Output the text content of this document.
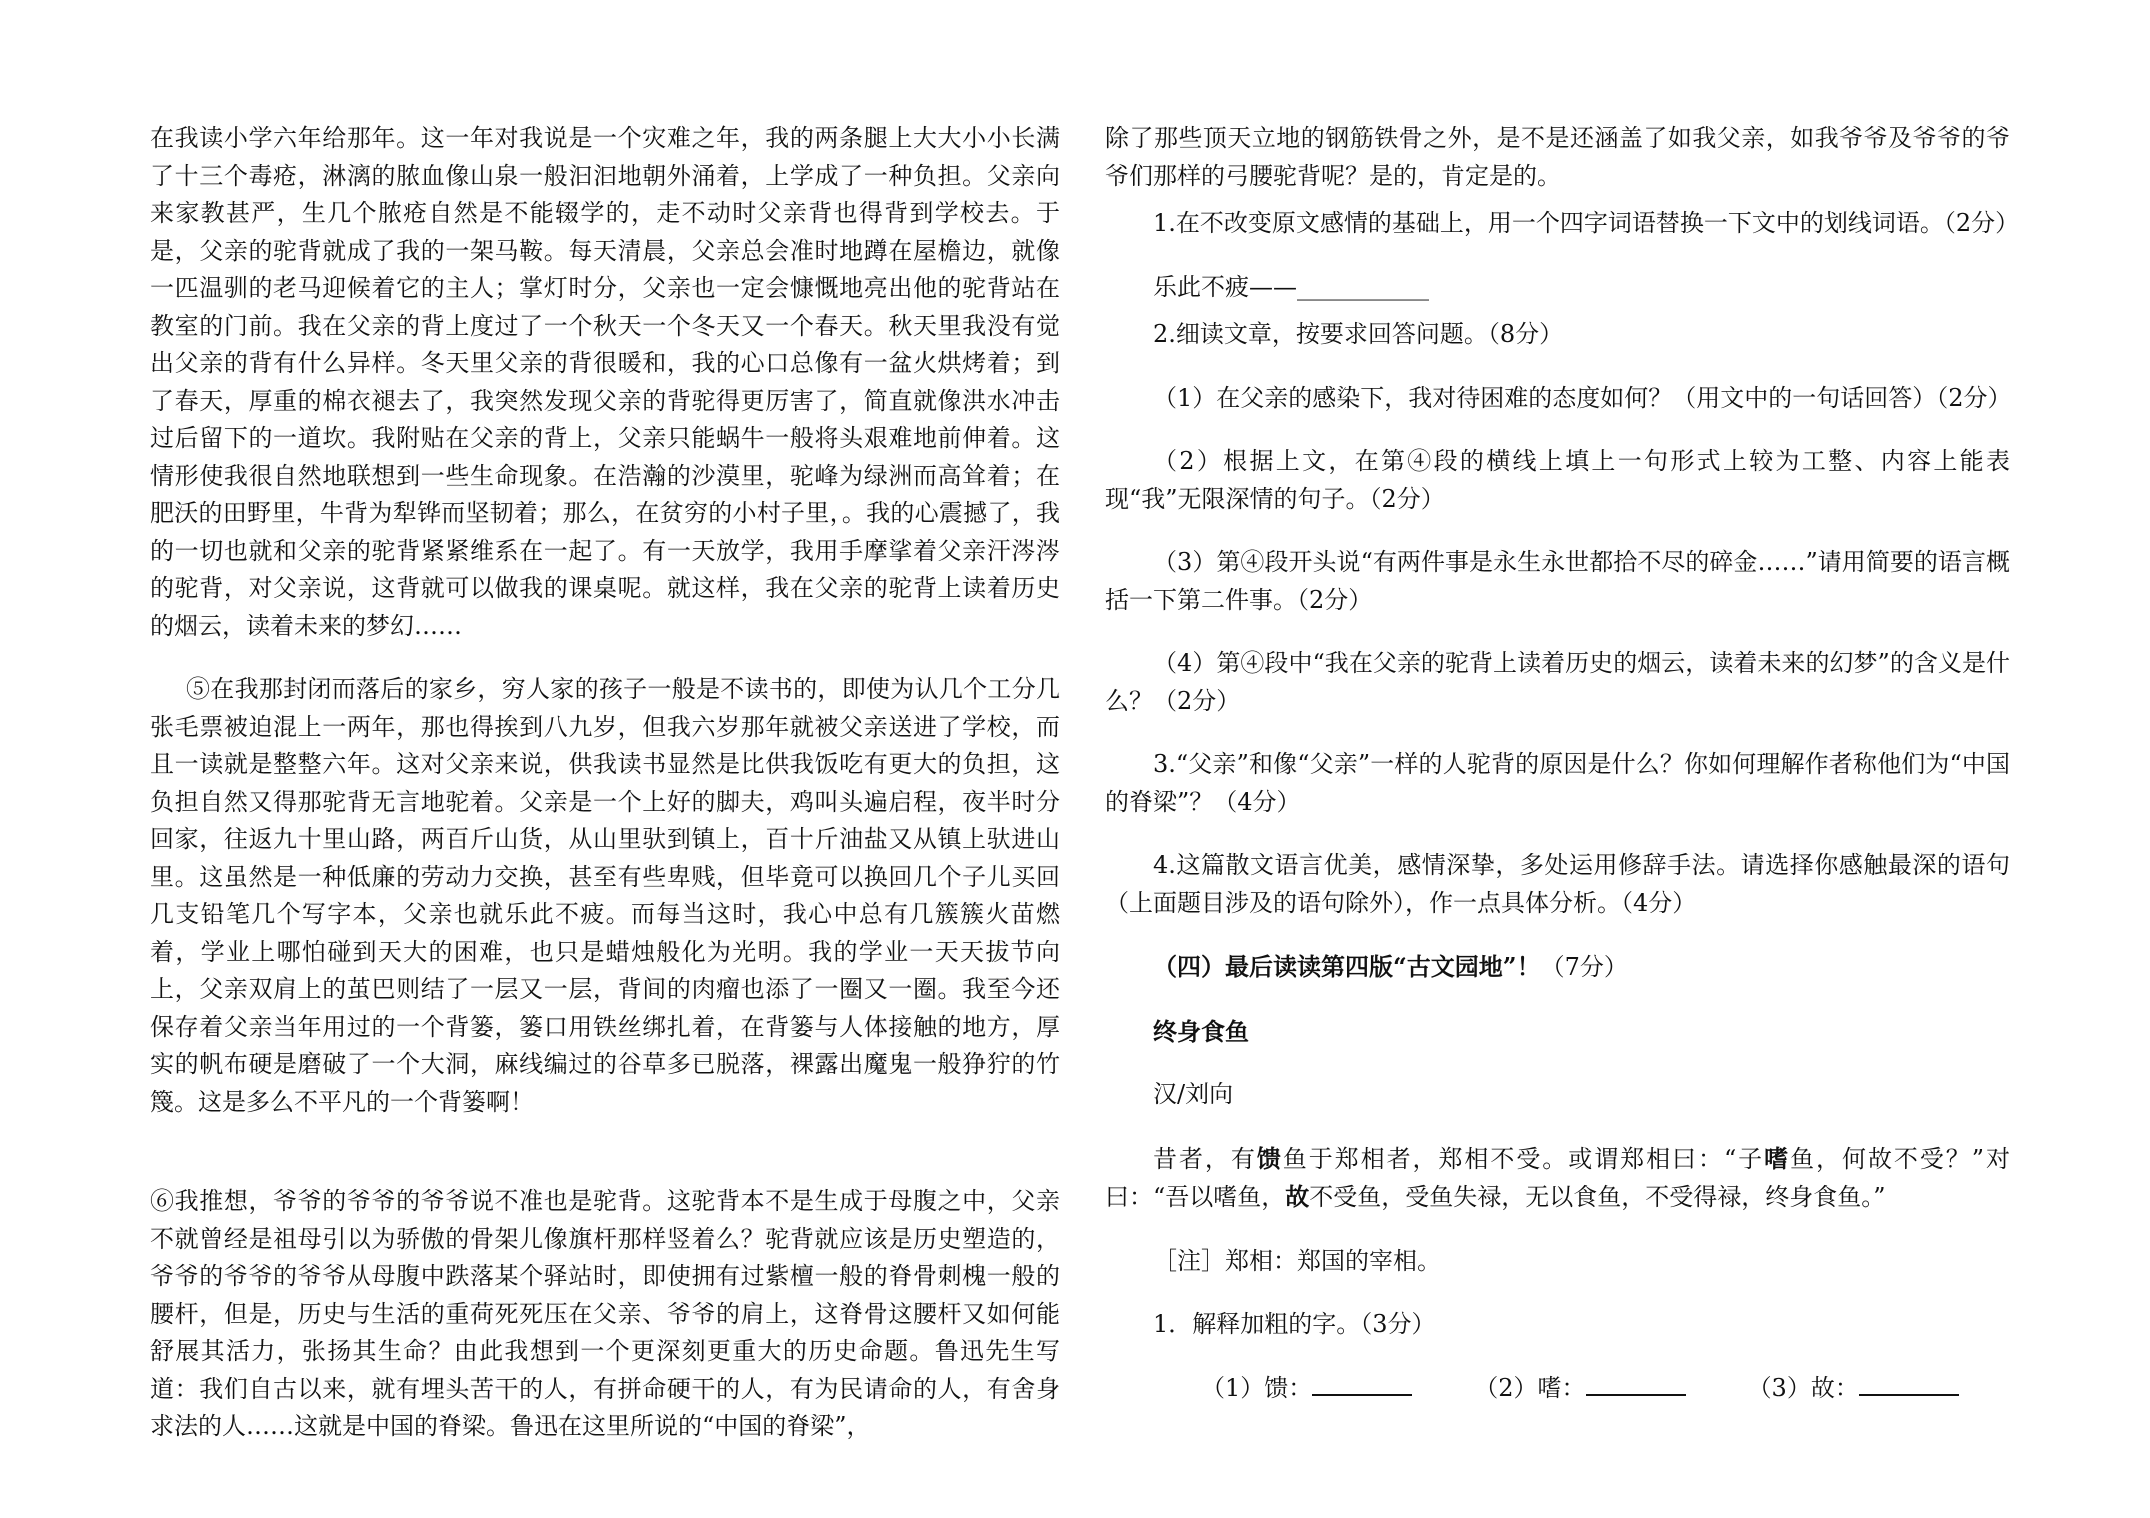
在我读小学六年给那年。这一年对我说是一个灾难之年，我的两条腿上大大小小长满了十三个毒疮，淋漓的脓血像山泉一般汩汩地朝外涌着，上学成了一种负担。父亲向来家教甚严，生几个脓疮自然是不能辍学的，走不动时父亲背也得背到学校去。于是，父亲的驼背就成了我的一架马鞍。每天清晨，父亲总会准时地蹲在屋檐边，就像一匹温驯的老马迎候着它的主人；掌灯时分，父亲也一定会慷慨地亮出他的驼背站在教室的门前。我在父亲的背上度过了一个秋天一个冬天又一个春天。秋天里我没有觉出父亲的背有什么异样。冬天里父亲的背很暖和，我的心口总像有一盆火烘烤着；到了春天，厚重的棉衣褪去了，我突然发现父亲的背驼得更厉害了，简直就像洪水冲击过后留下的一道坎。我附贴在父亲的背上，父亲只能蜗牛一般将头艰难地前伸着。这情形使我很自然地联想到一些生命现象。在浩瀚的沙漠里，驼峰为绿洲而高耸着；在肥沃的田野里，牛背为犁铧而坚韧着；那么，在贫穷的小村子里，。我的心震撼了，我的一切也就和父亲的驼背紧紧维系在一起了。有一天放学，我用手摩挲着父亲汗涔涔的驼背，对父亲说，这背就可以做我的课桌呢。就这样，我在父亲的驼背上读着历史的烟云，读着未来的梦幻……

⑤在我那封闭而落后的家乡，穷人家的孩子一般是不读书的，即使为认几个工分几张毛票被迫混上一两年，那也得挨到八九岁，但我六岁那年就被父亲送进了学校，而且一读就是整整六年。这对父亲来说，供我读书显然是比供我饭吃有更大的负担，这负担自然又得那驼背无言地驼着。父亲是一个上好的脚夫，鸡叫头遍启程，夜半时分回家，往返九十里山路，两百斤山货，从山里驮到镇上，百十斤油盐又从镇上驮进山里。这虽然是一种低廉的劳动力交换，甚至有些卑贱，但毕竟可以换回几个子儿买回几支铅笔几个写字本，父亲也就乐此不疲。而每当这时，我心中总有几簇簇火苗燃着，学业上哪怕碰到天大的困难，也只是蜡烛般化为光明。我的学业一天天拔节向上，父亲双肩上的茧巴则结了一层又一层，背间的肉瘤也添了一圈又一圈。我至今还保存着父亲当年用过的一个背篓，篓口用铁丝绑扎着，在背篓与人体接触的地方，厚实的帆布硬是磨破了一个大洞，麻线编过的谷草多已脱落，裸露出魔鬼一般狰狞的竹篾。这是多么不平凡的一个背篓啊！

⑥我推想，爷爷的爷爷的爷爷说不准也是驼背。这驼背本不是生成于母腹之中，父亲不就曾经是祖母引以为骄傲的骨架儿像旗杆那样竖着么？驼背就应该是历史塑造的，爷爷的爷爷的爷爷从母腹中跌落某个驿站时，即使拥有过紫檀一般的脊骨刺槐一般的腰杆，但是，历史与生活的重荷死死压在父亲、爷爷的肩上，这脊骨这腰杆又如何能舒展其活力，张扬其生命？由此我想到一个更深刻更重大的历史命题。鲁迅先生写道：我们自古以来，就有埋头苦干的人，有拼命硬干的人，有为民请命的人，有舍身求法的人……这就是中国的脊梁。鲁迅在这里所说的“中国的脊梁”，

除了那些顶天立地的钢筋铁骨之外，是不是还涵盖了如我父亲，如我爷爷及爷爷的爷爷们那样的弓腰驼背呢？是的，肯定是的。

1.在不改变原文感情的基础上，用一个四字词语替换一下文中的划线词语。（2分）

乐此不疲——___________

2.细读文章，按要求回答问题。（8分）

（1）在父亲的感染下，我对待困难的态度如何？（用文中的一句话回答）（2分）

（2）根据上文，在第④段的横线上填上一句形式上较为工整、内容上能表现“我”无限深情的句子。（2分）

（3）第④段开头说“有两件事是永生永世都拾不尽的碎金……”请用简要的语言概括一下第二件事。（2分）

（4）第④段中“我在父亲的驼背上读着历史的烟云，读着未来的幻梦”的含义是什么？（2分）

3.“父亲”和像“父亲”一样的人驼背的原因是什么？你如何理解作者称他们为“中国的脊梁”？（4分）

4.这篇散文语言优美，感情深挚，多处运用修辞手法。请选择你感触最深的语句（上面题目涉及的语句除外），作一点具体分析。（4分）

（四）最后读读第四版“古文园地”！（7分）

终身食鱼

汉/刘向

昔者，有馈鱼于郑相者，郑相不受。或谓郑相曰：“子嗜鱼，何故不受？”对曰：“吾以嗜鱼，故不受鱼，受鱼失禄，无以食鱼，不受得禄，终身食鱼。”

［注］郑相：郑国的宰相。

1．解释加粗的字。（3分）

（1）馈：	（2）嗜：	（3）故：
